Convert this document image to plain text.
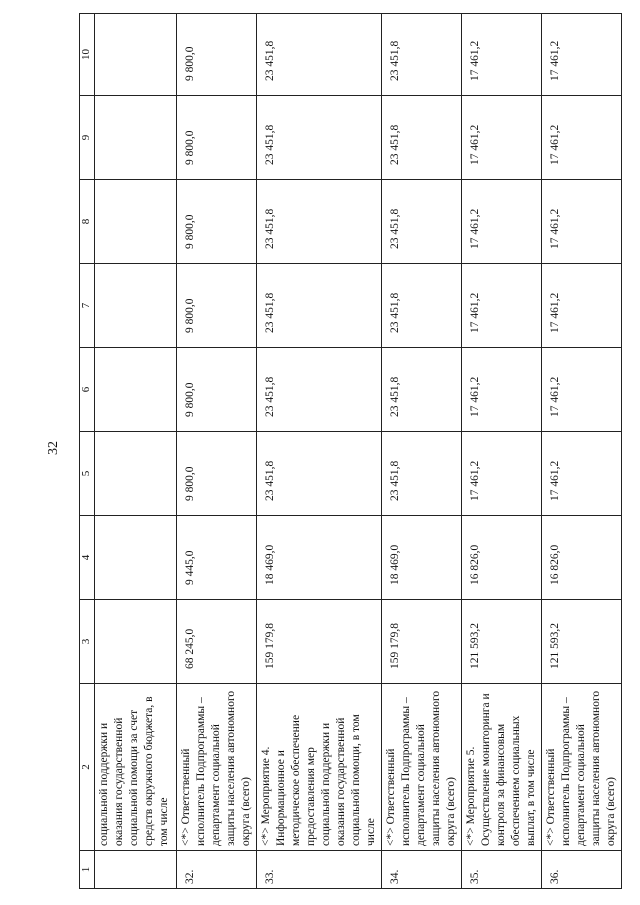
32
1	2	3	4	5	6	7	8	9	10
	социальной поддержки и оказания государственной социальной помощи за счет средств окружного бюджета, в том числе								
32.	<*> Ответственный исполнитель Подпрограммы – департамент социальной защиты населения автономного округа (всего)	68 245,0	9 445,0	9 800,0	9 800,0	9 800,0	9 800,0	9 800,0	9 800,0
33.	<*> Мероприятие 4. Информационное и методическое обеспечение предоставления мер социальной поддержки и оказания государственной социальной помощи, в том числе	159 179,8	18 469,0	23 451,8	23 451,8	23 451,8	23 451,8	23 451,8	23 451,8
34.	<*> Ответственный исполнитель Подпрограммы – департамент социальной защиты населения автономного округа (всего)	159 179,8	18 469,0	23 451,8	23 451,8	23 451,8	23 451,8	23 451,8	23 451,8
35.	<*> Мероприятие 5. Осуществление мониторинга и контроля за финансовым обеспечением социальных выплат, в том числе	121 593,2	16 826,0	17 461,2	17 461,2	17 461,2	17 461,2	17 461,2	17 461,2
36.	<*> Ответственный исполнитель Подпрограммы – департамент социальной защиты населения автономного округа (всего)	121 593,2	16 826,0	17 461,2	17 461,2	17 461,2	17 461,2	17 461,2	17 461,2
